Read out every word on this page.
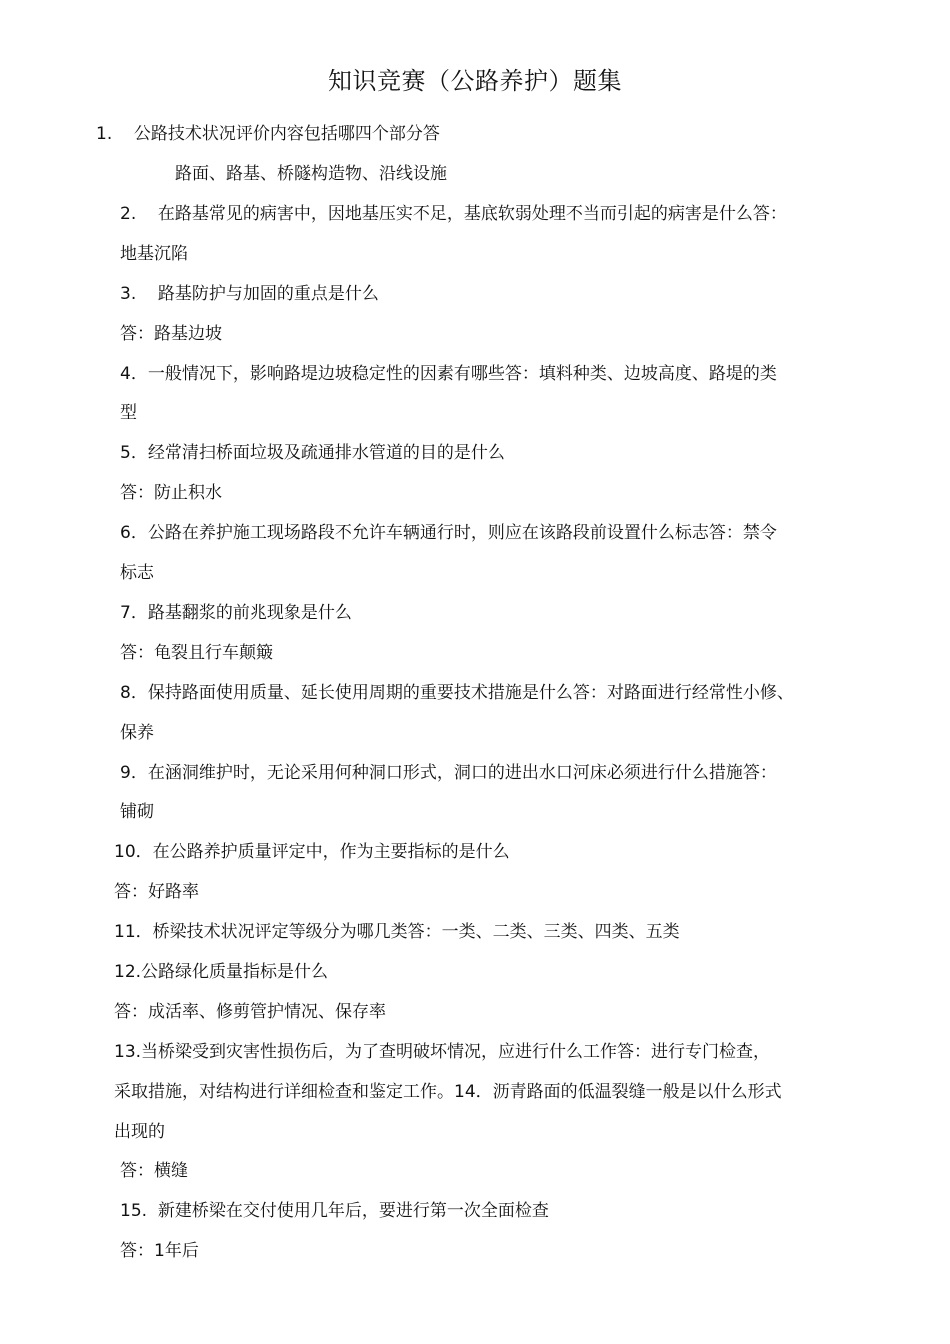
知识竞赛（公路养护）题集
1.    公路技术状况评价内容包括哪四个部分答
路面、路基、桥隧构造物、沿线设施
2.    在路基常见的病害中，因地基压实不足，基底软弱处理不当而引起的病害是什么答：
地基沉陷
3.    路基防护与加固的重点是什么
答：路基边坡
4．一般情况下，影响路堤边坡稳定性的因素有哪些答：填料种类、边坡高度、路堤的类
型
5．经常清扫桥面垃圾及疏通排水管道的目的是什么
答：防止积水
6．公路在养护施工现场路段不允许车辆通行时，则应在该路段前设置什么标志答：禁令
标志
7．路基翻浆的前兆现象是什么
答：龟裂且行车颠簸
8．保持路面使用质量、延长使用周期的重要技术措施是什么答：对路面进行经常性小修、
保养
9．在涵洞维护时，无论采用何种洞口形式，洞口的进出水口河床必须进行什么措施答：
铺砌
10．在公路养护质量评定中，作为主要指标的是什么
答：好路率
11．桥梁技术状况评定等级分为哪几类答：一类、二类、三类、四类、五类
12.公路绿化质量指标是什么
答：成活率、修剪管护情况、保存率
13.当桥梁受到灾害性损伤后，为了查明破坏情况，应进行什么工作答：进行专门检查，
采取措施，对结构进行详细检查和鉴定工作。14．沥青路面的低温裂缝一般是以什么形式
出现的
答：横缝
15.  新建桥梁在交付使用几年后，要进行第一次全面检查
答：1年后
